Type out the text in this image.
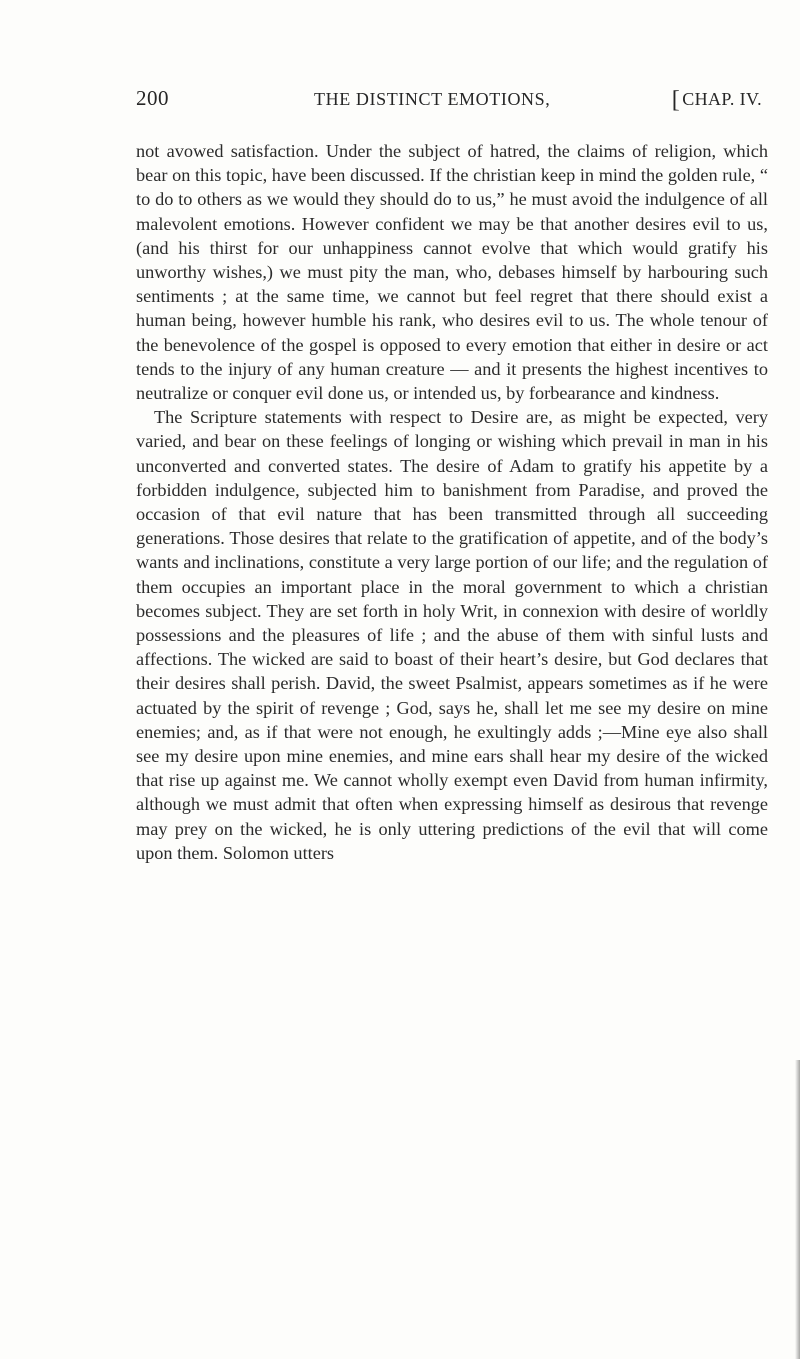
200	THE DISTINCT EMOTIONS,	[ CHAP. IV.

not avowed satisfaction. Under the subject of hatred, the claims of religion, which bear on this topic, have been discussed. If the christian keep in mind the golden rule, “ to do to others as we would they should do to us,” he must avoid the indulgence of all malevolent emotions. However confident we may be that another desires evil to us, (and his thirst for our unhappiness cannot evolve that which would gratify his unworthy wishes,) we must pity the man, who, debases himself by harbouring such sentiments ; at the same time, we cannot but feel regret that there should exist a human being, however humble his rank, who desires evil to us. The whole tenour of the benevolence of the gospel is opposed to every emotion that either in desire or act tends to the injury of any human creature — and it presents the highest incentives to neutralize or conquer evil done us, or intended us, by forbearance and kindness.

The Scripture statements with respect to Desire are, as might be expected, very varied, and bear on these feelings of longing or wishing which prevail in man in his unconverted and converted states. The desire of Adam to gratify his appetite by a forbidden indulgence, subjected him to banishment from Paradise, and proved the occasion of that evil nature that has been transmitted through all succeeding generations. Those desires that relate to the gratification of appetite, and of the body’s wants and inclinations, constitute a very large portion of our life; and the regulation of them occupies an important place in the moral government to which a christian becomes subject. They are set forth in holy Writ, in connexion with desire of worldly possessions and the pleasures of life ; and the abuse of them with sinful lusts and affections. The wicked are said to boast of their heart’s desire, but God declares that their desires shall perish. David, the sweet Psalmist, appears sometimes as if he were actuated by the spirit of revenge ; God, says he, shall let me see my desire on mine enemies; and, as if that were not enough, he exultingly adds ;—Mine eye also shall see my desire upon mine enemies, and mine ears shall hear my desire of the wicked that rise up against me. We cannot wholly exempt even David from human infirmity, although we must admit that often when expressing himself as desirous that revenge may prey on the wicked, he is only uttering predictions of the evil that will come upon them. Solomon utters
